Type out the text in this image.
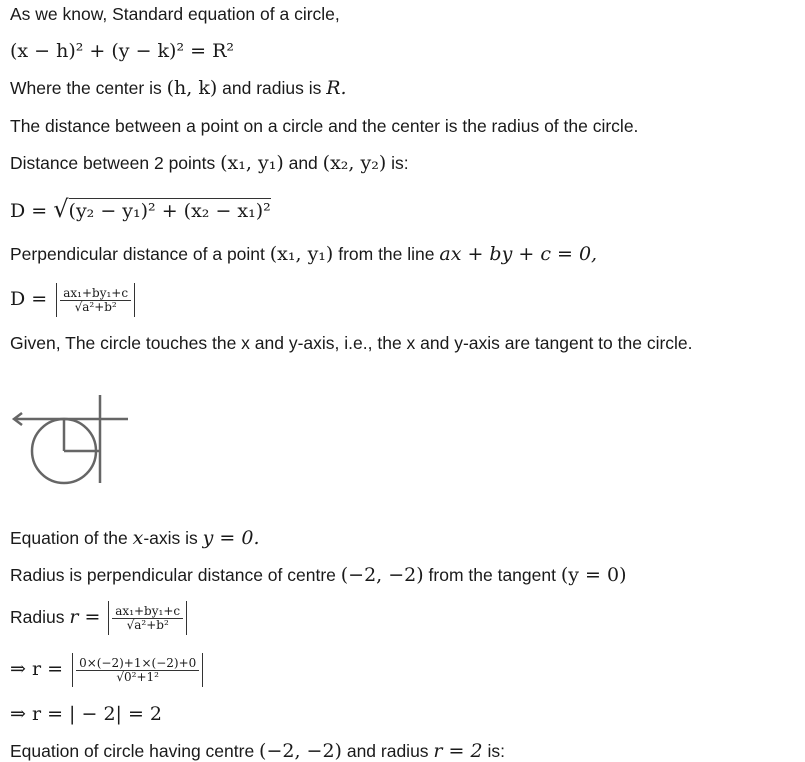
As we know, Standard equation of a circle,
(x − h)² + (y − k)² = R²
Where the center is (h, k) and radius is R.
The distance between a point on a circle and the center is the radius of the circle.
Distance between 2 points (x₁, y₁) and (x₂, y₂) is:
D = √(y₂ − y₁)² + (x₂ − x₁)²
Perpendicular distance of a point (x₁, y₁) from the line ax + by + c = 0,
$D = \frac{\text{ax₁+by₁+c}}{\text{√a²+b²}}$
Given, The circle touches the x and y-axis, i.e., the x and y-axis are tangent to the circle.
Equation of the x-axis is y = 0.
Radius is perpendicular distance of centre (−2, −2) from the tangent (y = 0)
Radius $r = \frac{\text{ax₁+by₁+c}}{\text{√a²+b²}}$
⇒ $r = \frac{0\times(-2)+1\times(-2)+0}{\text{√0²+1²}}$
⇒ r = | − 2| = 2
Equation of circle having centre (−2, −2) and radius r = 2 is:
